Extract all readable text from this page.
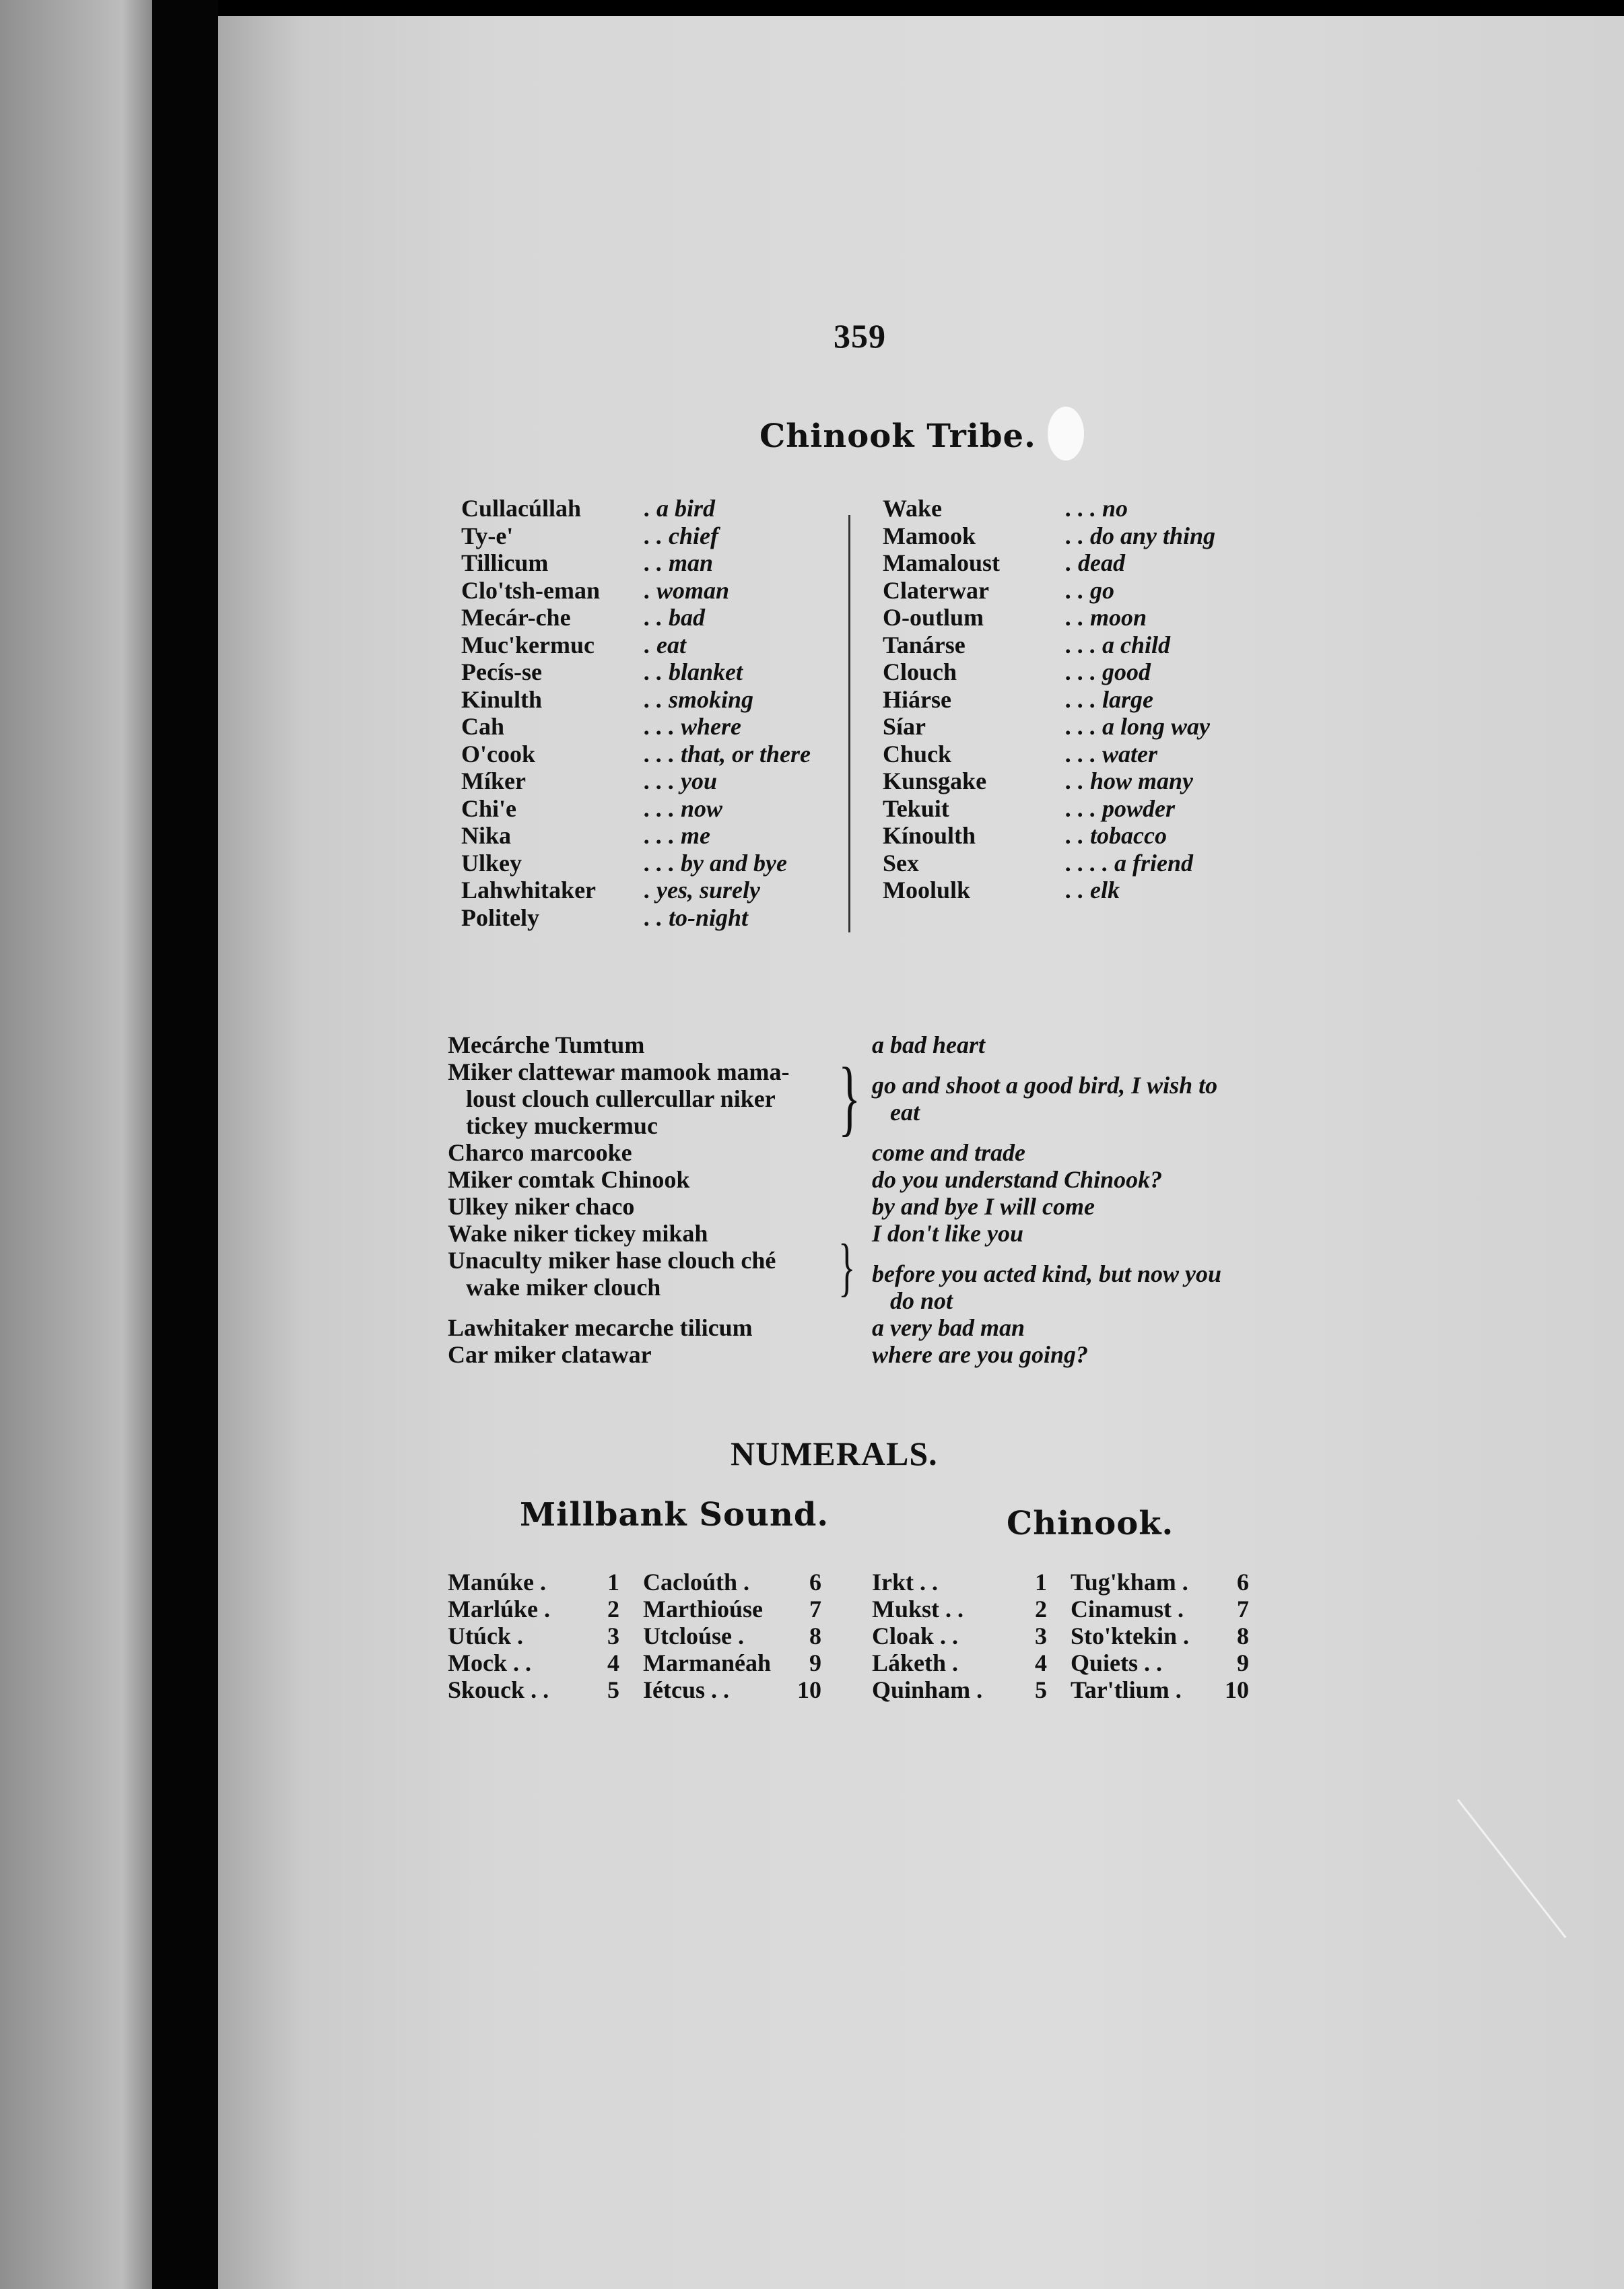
359
Chinook Tribe.
Cullacúllah	. a bird
Ty-e'	. . chief
Tillicum	. . man
Clo'tsh-eman . woman
Mecár-che	. . bad
Muc'kermuc . eat
Pecís-se	. . blanket
Kinulth	. . smoking
Cah	. . . where
O'cook	. . . that, or there
Míker	. . . you
Chi'e	. . . now
Nika	. . . me
Ulkey	. . . by and bye
Lahwhitaker . yes, surely
Politely	. . to-night
Wake	. . . no
Mamook	. . do any thing
Mamaloust	. dead
Claterwar	. . go
O-outlum	. . moon
Tanárse	. . . a child
Clouch	. . . good
Hiárse	. . . large
Síar	. . . a long way
Chuck	. . . water
Kunsgake	. . how many
Tekuit	. . . powder
Kínoulth	. . tobacco
Sex	. . . . a friend
Moolulk	. . elk
Mecárche Tumtum	a bad heart
Miker clattewar mamook mama-
loust clouch cullercullar niker
tickey muckermuc
go and shoot a good bird, I wish to
eat
}
Charco marcooke	come and trade
Miker comtak Chinook	do you understand Chinook?
Ulkey niker chaco	by and bye I will come
Wake niker tickey mikah	I don't like you
Unaculty miker hase clouch ché
wake miker clouch	before you acted kind, but now you
do not
}
Lawhitaker mecarche tilicum	a very bad man
Car miker clatawar	where are you going?
NUMERALS.
Millbank Sound.	Chinook.
Manúke .	1
Marlúke . 2
Utúck .	3
Mock . .	4
Skouck . . 5
Cacloúth . 6
Marthioúse 7
Utcloúse .	8
Marmanéah 9
Iétcus . .	10
Irkt . .	1
Mukst . .	2
Cloak . .	3
Láketh .	4
Quinham . 5
Tug'kham . 6
Cinamust . 7
Sto'ktekin . 8
Quiets . .	9
Tar'tlium . 10
